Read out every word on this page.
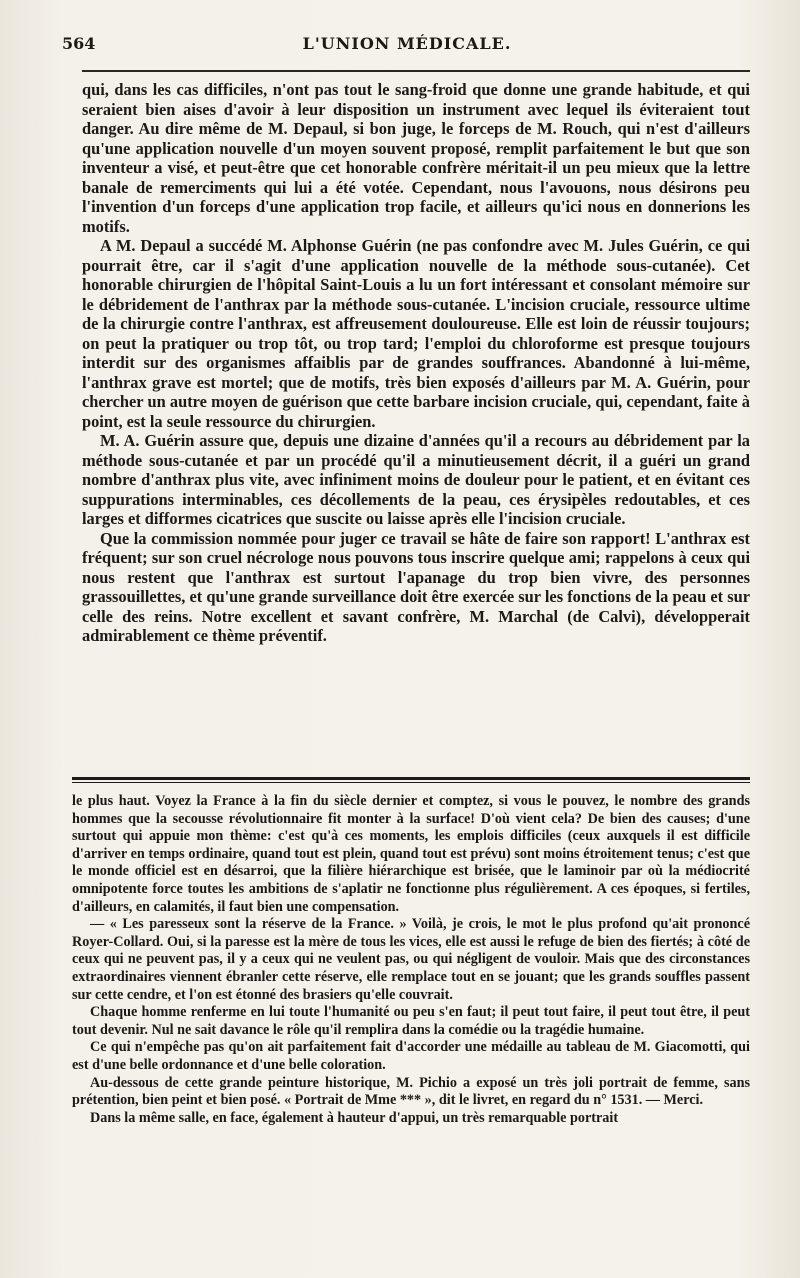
564	L'UNION MÉDICALE.

qui, dans les cas difficiles, n'ont pas tout le sang-froid que donne une grande habitude, et qui seraient bien aises d'avoir à leur disposition un instrument avec lequel ils éviteraient tout danger. Au dire même de M. Depaul, si bon juge, le forceps de M. Rouch, qui n'est d'ailleurs qu'une application nouvelle d'un moyen souvent proposé, remplit parfaitement le but que son inventeur a visé, et peut-être que cet honorable confrère méritait-il un peu mieux que la lettre banale de remerciments qui lui a été votée. Cependant, nous l'avouons, nous désirons peu l'invention d'un forceps d'une application trop facile, et ailleurs qu'ici nous en donnerions les motifs.

A M. Depaul a succédé M. Alphonse Guérin (ne pas confondre avec M. Jules Guérin, ce qui pourrait être, car il s'agit d'une application nouvelle de la méthode sous-cutanée). Cet honorable chirurgien de l'hôpital Saint-Louis a lu un fort intéressant et consolant mémoire sur le débridement de l'anthrax par la méthode sous-cutanée. L'incision cruciale, ressource ultime de la chirurgie contre l'anthrax, est affreusement douloureuse. Elle est loin de réussir toujours; on peut la pratiquer ou trop tôt, ou trop tard; l'emploi du chloroforme est presque toujours interdit sur des organismes affaiblis par de grandes souffrances. Abandonné à lui-même, l'anthrax grave est mortel; que de motifs, très bien exposés d'ailleurs par M. A. Guérin, pour chercher un autre moyen de guérison que cette barbare incision cruciale, qui, cependant, faite à point, est la seule ressource du chirurgien.

M. A. Guérin assure que, depuis une dizaine d'années qu'il a recours au débridement par la méthode sous-cutanée et par un procédé qu'il a minutieusement décrit, il a guéri un grand nombre d'anthrax plus vite, avec infiniment moins de douleur pour le patient, et en évitant ces suppurations interminables, ces décollements de la peau, ces érysipèles redoutables, et ces larges et difformes cicatrices que suscite ou laisse après elle l'incision cruciale.

Que la commission nommée pour juger ce travail se hâte de faire son rapport! L'anthrax est fréquent; sur son cruel nécrologe nous pouvons tous inscrire quelque ami; rappelons à ceux qui nous restent que l'anthrax est surtout l'apanage du trop bien vivre, des personnes grassouillettes, et qu'une grande surveillance doit être exercée sur les fonctions de la peau et sur celle des reins. Notre excellent et savant confrère, M. Marchal (de Calvi), développerait admirablement ce thème préventif.

le plus haut. Voyez la France à la fin du siècle dernier et comptez, si vous le pouvez, le nombre des grands hommes que la secousse révolutionnaire fit monter à la surface! D'où vient cela? De bien des causes; d'une surtout qui appuie mon thème: c'est qu'à ces moments, les emplois difficiles (ceux auxquels il est difficile d'arriver en temps ordinaire, quand tout est plein, quand tout est prévu) sont moins étroitement tenus; c'est que le monde officiel est en désarroi, que la filière hiérarchique est brisée, que le laminoir par où la médiocrité omnipotente force toutes les ambitions de s'aplatir ne fonctionne plus régulièrement. A ces époques, si fertiles, d'ailleurs, en calamités, il faut bien une compensation.

— « Les paresseux sont la réserve de la France. » Voilà, je crois, le mot le plus profond qu'ait prononcé Royer-Collard. Oui, si la paresse est la mère de tous les vices, elle est aussi le refuge de bien des fiertés; à côté de ceux qui ne peuvent pas, il y a ceux qui ne veulent pas, ou qui négligent de vouloir. Mais que des circonstances extraordinaires viennent ébranler cette réserve, elle remplace tout en se jouant; que les grands souffles passent sur cette cendre, et l'on est étonné des brasiers qu'elle couvrait.

Chaque homme renferme en lui toute l'humanité ou peu s'en faut; il peut tout faire, il peut tout être, il peut tout devenir. Nul ne sait davance le rôle qu'il remplira dans la comédie ou la tragédie humaine.

Ce qui n'empêche pas qu'on ait parfaitement fait d'accorder une médaille au tableau de M. Giacomotti, qui est d'une belle ordonnance et d'une belle coloration.

Au-dessous de cette grande peinture historique, M. Pichio a exposé un très joli portrait de femme, sans prétention, bien peint et bien posé. « Portrait de Mme *** », dit le livret, en regard du n° 1531. — Merci.

Dans la même salle, en face, également à hauteur d'appui, un très remarquable portrait
